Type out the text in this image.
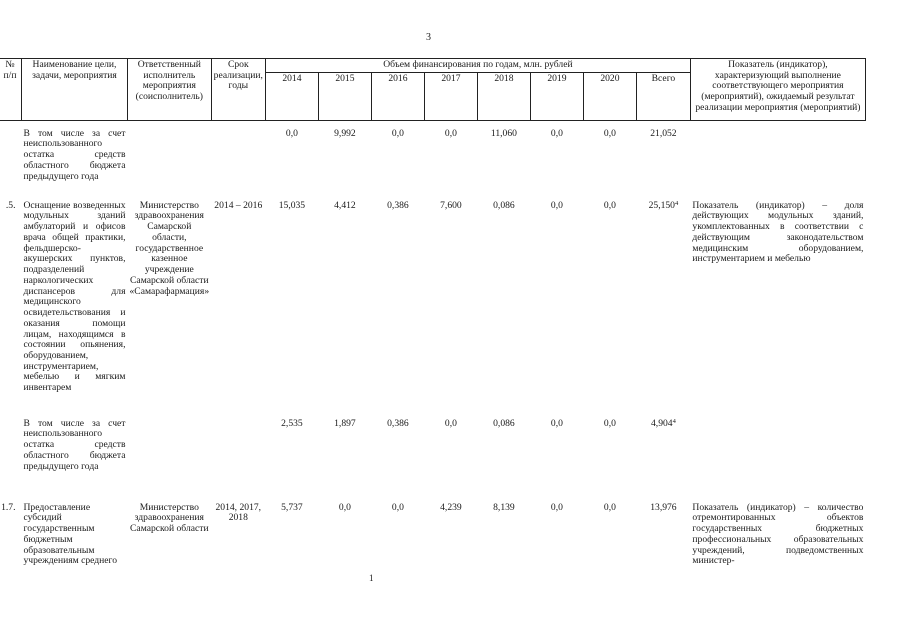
3
№ п/п	Наименование цели, задачи, мероприятия	Ответственный исполнитель мероприятия (соисполнитель)	Срок реализации, годы	Объем финансирования по годам, млн. рублей								Показатель (индикатор), характеризующий выполнение соответствующего мероприятия (мероприятий), ожидаемый результат реализации мероприятия (мероприятий)
				2014	2015	2016	2017	2018	2019	2020	Всего	

	В том числе за счет неиспользованного остатка средств областного бюджета предыдущего года			0,0	9,992	0,0	0,0	11,060	0,0	0,0	21,052	
.5.	Оснащение возведенных модульных зданий амбулаторий и офисов врача общей практики, фельдшерско-акушерских пунктов, подразделений наркологических диспансеров для медицинского освидетельствования и оказания помощи лицам, находящимся в состоянии опьянения, оборудованием, инструментарием, мебелью и мягким инвентарем	Министерство здравоохранения Самарской области, государственное казенное учреждение Самарской области «Самарафармация»	2014 – 2016	15,035	4,412	0,386	7,600	0,086	0,0	0,0	25,150$^4$	Показатель (индикатор) – доля действующих модульных зданий, укомплектованных в соответствии с действующим законодательством медицинским оборудованием, инструментарием и мебелью
	В том числе за счет неиспользованного остатка средств областного бюджета предыдущего года			2,535	1,897	0,386	0,0	0,086	0,0	0,0	4,904$^4$	
1.7.	Предоставление субсидий государственным бюджетным образовательным учреждениям среднего	Министерство здравоохранения Самарской области	2014, 2017, 2018	5,737	0,0	0,0	4,239	8,139	0,0	0,0	13,976	Показатель (индикатор) – количество отремонтированных объектов государственных бюджетных профессиональных образовательных учреждений, подведомственных министер-
1
